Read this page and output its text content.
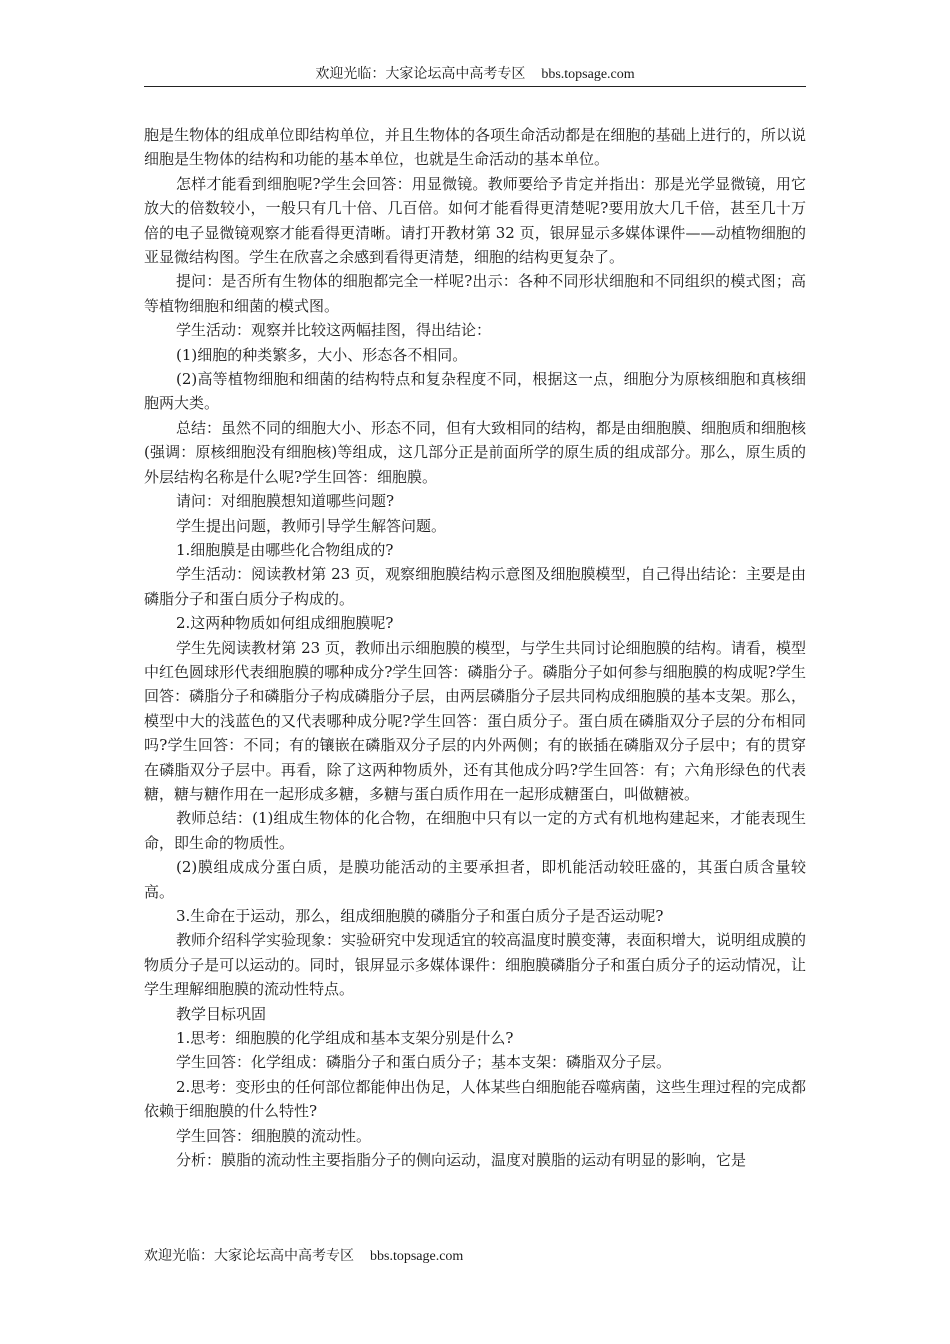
欢迎光临：大家论坛高中高考专区 bbs.topsage.com

胞是生物体的组成单位即结构单位，并且生物体的各项生命活动都是在细胞的基础上进行的，所以说细胞是生物体的结构和功能的基本单位，也就是生命活动的基本单位。

怎样才能看到细胞呢?学生会回答：用显微镜。教师要给予肯定并指出：那是光学显微镜，用它放大的倍数较小，一般只有几十倍、几百倍。如何才能看得更清楚呢?要用放大几千倍，甚至几十万倍的电子显微镜观察才能看得更清晰。请打开教材第 32 页，银屏显示多媒体课件——动植物细胞的亚显微结构图。学生在欣喜之余感到看得更清楚，细胞的结构更复杂了。

提问：是否所有生物体的细胞都完全一样呢?出示：各种不同形状细胞和不同组织的模式图；高等植物细胞和细菌的模式图。

学生活动：观察并比较这两幅挂图，得出结论：

(1)细胞的种类繁多，大小、形态各不相同。

(2)高等植物细胞和细菌的结构特点和复杂程度不同，根据这一点，细胞分为原核细胞和真核细胞两大类。

总结：虽然不同的细胞大小、形态不同，但有大致相同的结构，都是由细胞膜、细胞质和细胞核(强调：原核细胞没有细胞核)等组成，这几部分正是前面所学的原生质的组成部分。那么，原生质的外层结构名称是什么呢?学生回答：细胞膜。

请问：对细胞膜想知道哪些问题?

学生提出问题，教师引导学生解答问题。

1.细胞膜是由哪些化合物组成的?

学生活动：阅读教材第 23 页，观察细胞膜结构示意图及细胞膜模型，自己得出结论：主要是由磷脂分子和蛋白质分子构成的。

2.这两种物质如何组成细胞膜呢?

学生先阅读教材第 23 页，教师出示细胞膜的模型，与学生共同讨论细胞膜的结构。请看，模型中红色圆球形代表细胞膜的哪种成分?学生回答：磷脂分子。磷脂分子如何参与细胞膜的构成呢?学生回答：磷脂分子和磷脂分子构成磷脂分子层，由两层磷脂分子层共同构成细胞膜的基本支架。那么，模型中大的浅蓝色的又代表哪种成分呢?学生回答：蛋白质分子。蛋白质在磷脂双分子层的分布相同吗?学生回答：不同；有的镶嵌在磷脂双分子层的内外两侧；有的嵌插在磷脂双分子层中；有的贯穿在磷脂双分子层中。再看，除了这两种物质外，还有其他成分吗?学生回答：有；六角形绿色的代表糖，糖与糖作用在一起形成多糖，多糖与蛋白质作用在一起形成糖蛋白，叫做糖被。

教师总结：(1)组成生物体的化合物，在细胞中只有以一定的方式有机地构建起来，才能表现生命，即生命的物质性。

(2)膜组成成分蛋白质，是膜功能活动的主要承担者，即机能活动较旺盛的，其蛋白质含量较高。

3.生命在于运动，那么，组成细胞膜的磷脂分子和蛋白质分子是否运动呢?

教师介绍科学实验现象：实验研究中发现适宜的较高温度时膜变薄，表面积增大，说明组成膜的物质分子是可以运动的。同时，银屏显示多媒体课件：细胞膜磷脂分子和蛋白质分子的运动情况，让学生理解细胞膜的流动性特点。

教学目标巩固

1.思考：细胞膜的化学组成和基本支架分别是什么?

学生回答：化学组成：磷脂分子和蛋白质分子；基本支架：磷脂双分子层。

2.思考：变形虫的任何部位都能伸出伪足，人体某些白细胞能吞噬病菌，这些生理过程的完成都依赖于细胞膜的什么特性?

学生回答：细胞膜的流动性。

分析：膜脂的流动性主要指脂分子的侧向运动，温度对膜脂的运动有明显的影响，它是

欢迎光临：大家论坛高中高考专区 bbs.topsage.com
